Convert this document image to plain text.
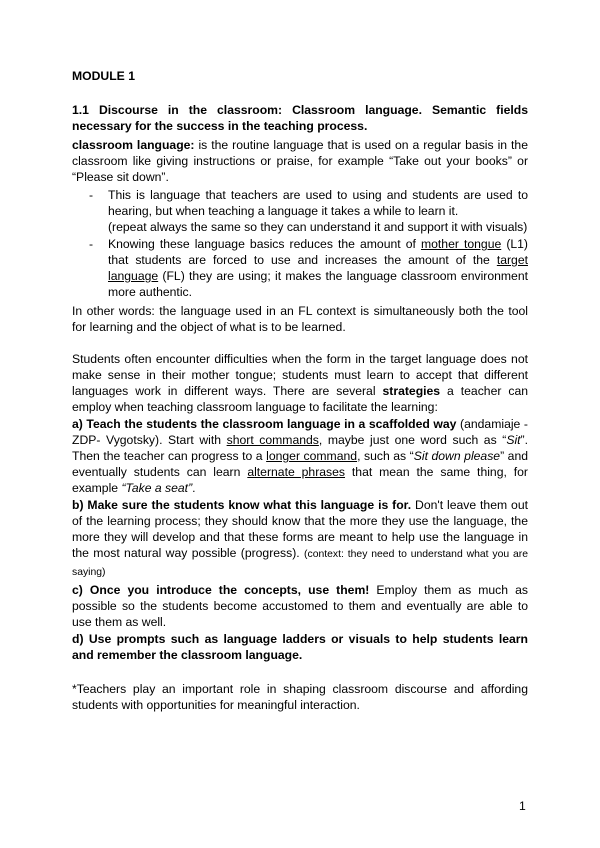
MODULE 1

1.1 Discourse in the classroom: Classroom language. Semantic fields necessary for the success in the teaching process.

classroom language: is the routine language that is used on a regular basis in the classroom like giving instructions or praise, for example “Take out your books” or “Please sit down”.

- This is language that teachers are used to using and students are used to hearing, but when teaching a language it takes a while to learn it.
(repeat always the same so they can understand it and support it with visuals)
- Knowing these language basics reduces the amount of mother tongue (L1) that students are forced to use and increases the amount of the target language (FL) they are using; it makes the language classroom environment more authentic.

In other words: the language used in an FL context is simultaneously both the tool for learning and the object of what is to be learned.

Students often encounter difficulties when the form in the target language does not make sense in their mother tongue; students must learn to accept that different languages work in different ways. There are several strategies a teacher can employ when teaching classroom language to facilitate the learning:

a) Teach the students the classroom language in a scaffolded way (andamiaje -ZDP- Vygotsky). Start with short commands, maybe just one word such as “Sit”. Then the teacher can progress to a longer command, such as “Sit down please” and eventually students can learn alternate phrases that mean the same thing, for example “Take a seat”.

b) Make sure the students know what this language is for. Don't leave them out of the learning process; they should know that the more they use the language, the more they will develop and that these forms are meant to help use the language in the most natural way possible (progress). (context: they need to understand what you are saying)

c) Once you introduce the concepts, use them! Employ them as much as possible so the students become accustomed to them and eventually are able to use them as well.

d) Use prompts such as language ladders or visuals to help students learn and remember the classroom language.

*Teachers play an important role in shaping classroom discourse and affording students with opportunities for meaningful interaction.

1
